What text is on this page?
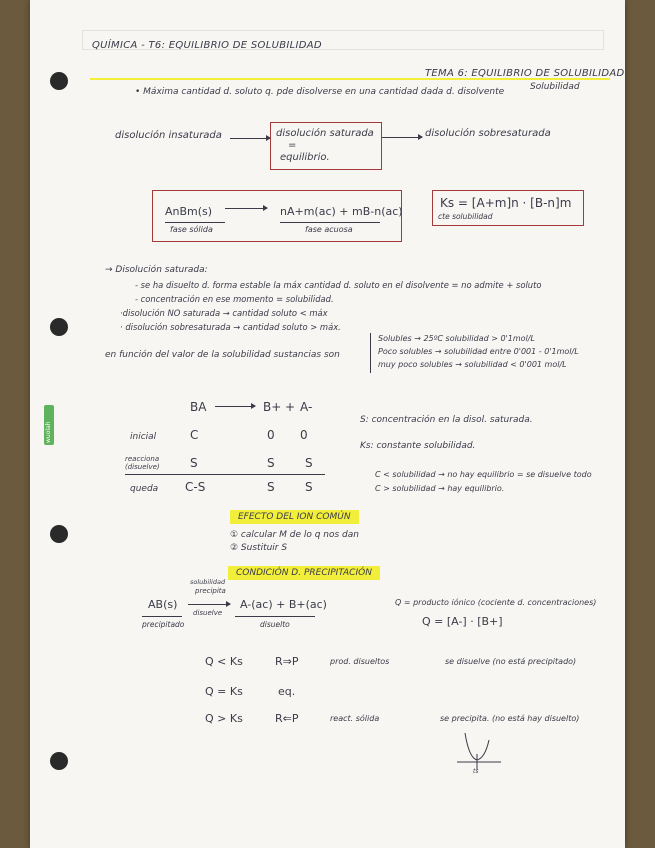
wuolah
QUÍMICA - T6: EQUILIBRIO DE SOLUBILIDAD
TEMA 6: EQUILIBRIO DE SOLUBILIDAD
• Máxima cantidad d. soluto q. pde disolverse en una cantidad dada d. disolvente	Solubilidad
disolución insaturada	disolución saturada
=
equilibrio.
disolución sobresaturada
AnBm(s)	nA+m(ac) + mB-n(ac)
fase sólida	fase acuosa
Ks = [A+m]n · [B-n]m
cte solubilidad
→ Disolución saturada:
- se ha disuelto d. forma estable la máx cantidad d. soluto en el disolvente = no admite + soluto
- concentración en ese momento = solubilidad.
·disolución NO saturada → cantidad soluto < máx
· disolución sobresaturada → cantidad soluto > máx.
en función del valor de la solubilidad sustancias son
Solubles → 25ºC solubilidad > 0'1mol/L
Poco solubles → solubilidad entre 0'001 - 0'1mol/L
muy poco solubles → solubilidad < 0'001 mol/L
BA	B+ + A-
inicial	C	0 0
reacciona (disuelve)	S	S	S
queda C-S	S	S
S: concentración en la disol. saturada.
Ks: constante solubilidad.
C < solubilidad → no hay equilibrio = se disuelve todo
C > solubilidad → hay equilibrio.
EFECTO DEL ION COMÚN
① calcular M de lo q nos dan
② Sustituir S
CONDICIÓN D. PRECIPITACIÓN
solubilidad
precipita
AB(s)
disuelve
A-(ac) + B+(ac)
precipitado	disuelto
Q = producto iónico (cociente d. concentraciones)
Q = [A-] · [B+]
Q < Ks	R⇒P	prod. disueltos	se disuelve (no está precipitado)
Q = Ks	eq.
Q > Ks	R⇐P	react. sólida	se precipita. (no está hay disuelto)
ts
